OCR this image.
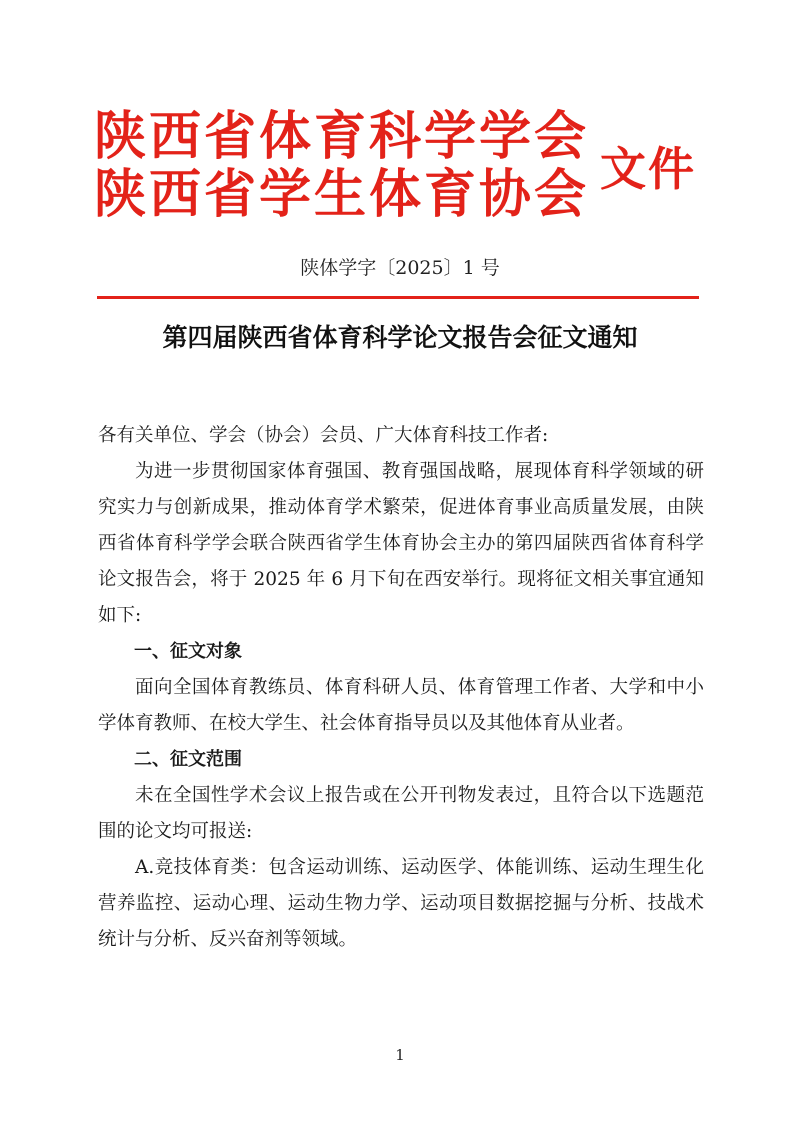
陕西省体育科学学会
陕西省学生体育协会 文件
陕体学字〔2025〕1 号
第四届陕西省体育科学论文报告会征文通知

各有关单位、学会（协会）会员、广大体育科技工作者:

为进一步贯彻国家体育强国、教育强国战略，展现体育科学领域的研究实力与创新成果，推动体育学术繁荣，促进体育事业高质量发展，由陕西省体育科学学会联合陕西省学生体育协会主办的第四届陕西省体育科学论文报告会，将于 2025 年 6 月下旬在西安举行。现将征文相关事宜通知如下:

一、征文对象

面向全国体育教练员、体育科研人员、体育管理工作者、大学和中小学体育教师、在校大学生、社会体育指导员以及其他体育从业者。

二、征文范围

未在全国性学术会议上报告或在公开刊物发表过，且符合以下选题范围的论文均可报送:

A.竞技体育类：包含运动训练、运动医学、体能训练、运动生理生化营养监控、运动心理、运动生物力学、运动项目数据挖掘与分析、技战术统计与分析、反兴奋剂等领域。

1
